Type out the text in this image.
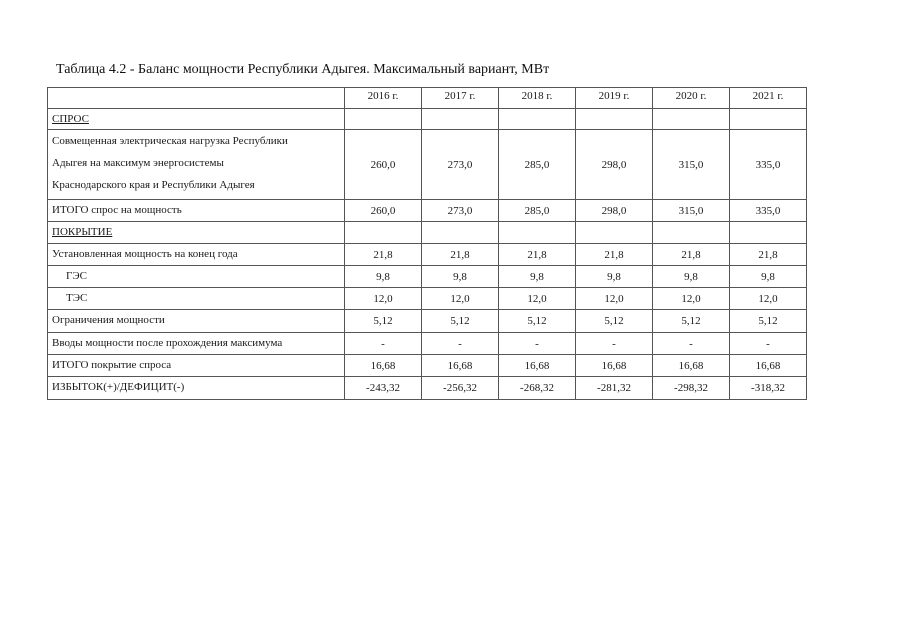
Таблица 4.2 - Баланс мощности Республики Адыгея. Максимальный вариант, МВт
	2016 г.	2017 г.	2018 г.	2019 г.	2020 г.	2021 г.
СПРОС						

Совмещенная электрическая нагрузка Республики
Адыгея на максимум энергосистемы
Краснодарского края и Республики Адыгея	260,0	273,0	285,0	298,0	315,0	335,0
ИТОГО спрос на мощность	260,0	273,0	285,0	298,0	315,0	335,0
ПОКРЫТИЕ						
Установленная мощность на конец года	21,8	21,8	21,8	21,8	21,8	21,8
ГЭС	9,8	9,8	9,8	9,8	9,8	9,8
ТЭС	12,0	12,0	12,0	12,0	12,0	12,0
Ограничения мощности	5,12	5,12	5,12	5,12	5,12	5,12
Вводы мощности после прохождения максимума	-	-	-	-	-	-
ИТОГО покрытие спроса	16,68	16,68	16,68	16,68	16,68	16,68
ИЗБЫТОК(+)/ДЕФИЦИТ(-)	-243,32	-256,32	-268,32	-281,32	-298,32	-318,32
